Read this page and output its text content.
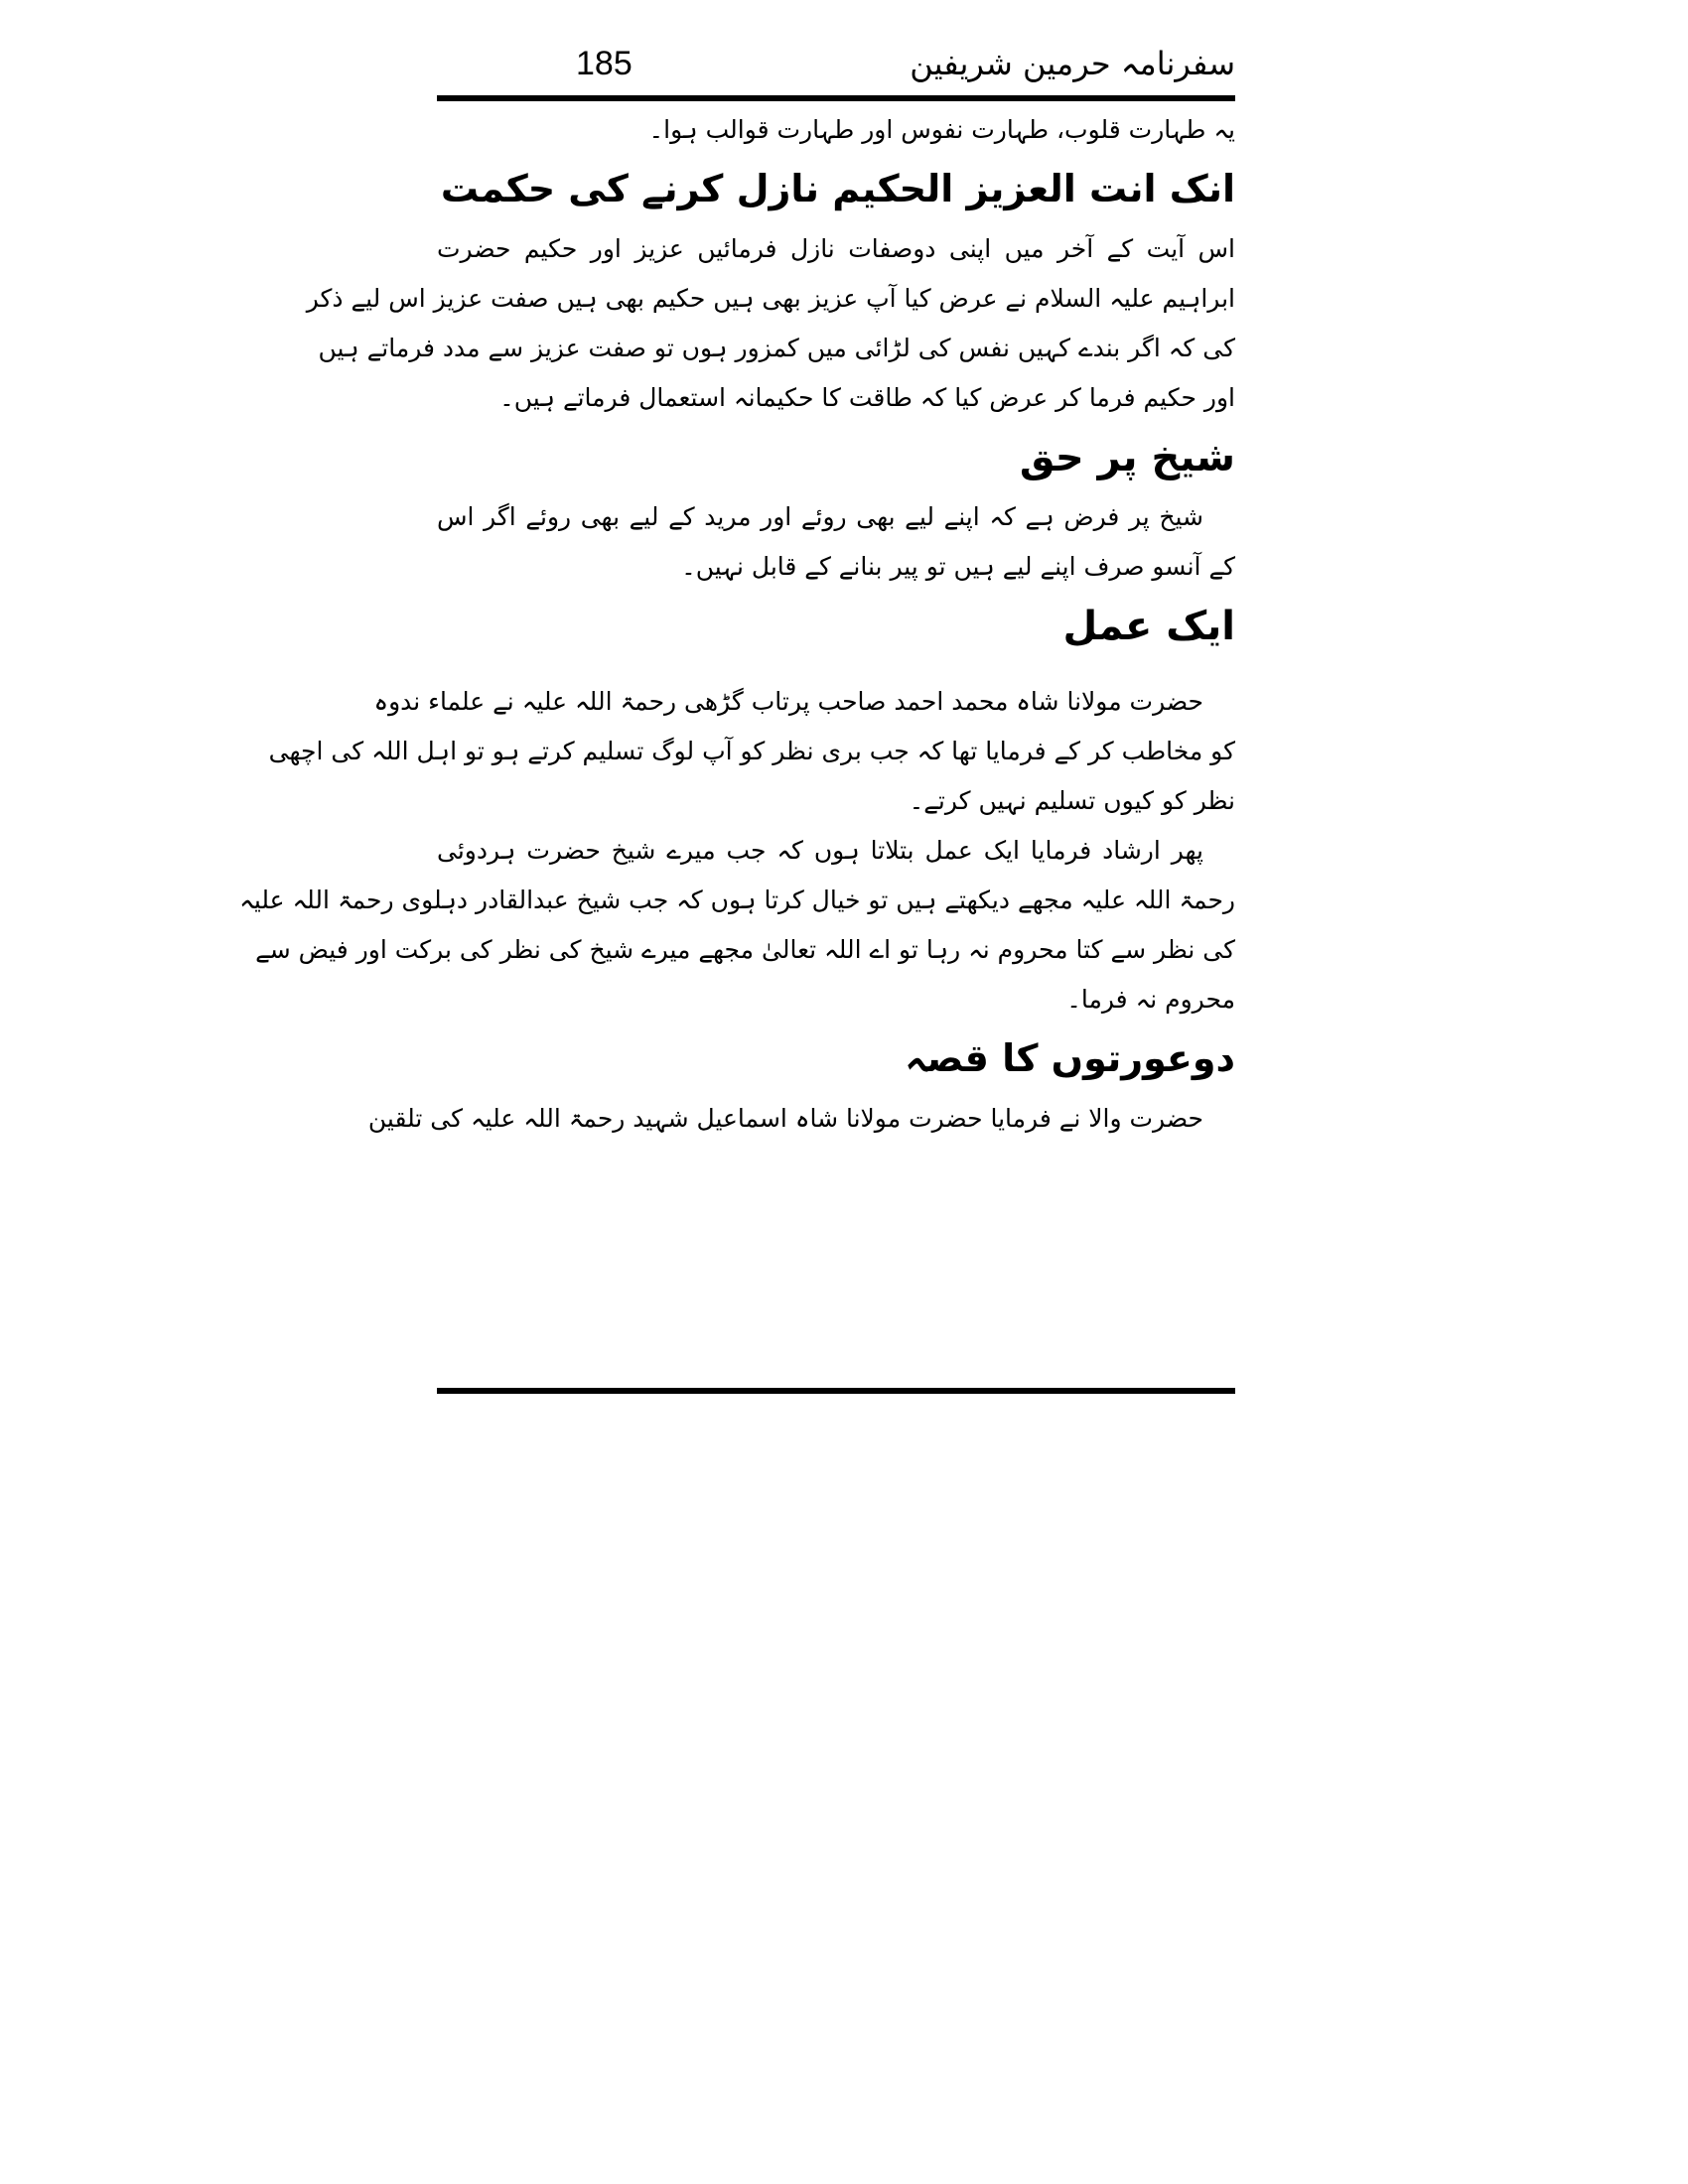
185	سفرنامہ حرمین شریفین
یہ طہارت قلوب، طہارت نفوس اور طہارت قوالب ہوا۔
انک انت العزیز الحکیم نازل کرنے کی حکمت
اس آیت کے آخر میں اپنی دوصفات نازل فرمائیں عزیز اور حکیم حضرت
ابراہیم علیہ السلام نے عرض کیا آپ عزیز بھی ہیں حکیم بھی ہیں صفت عزیز اس لیے ذکر
کی کہ اگر بندے کہیں نفس کی لڑائی میں کمزور ہوں تو صفت عزیز سے مدد فرماتے ہیں
اور حکیم فرما کر عرض کیا کہ طاقت کا حکیمانہ استعمال فرماتے ہیں۔
شیخ پر حق
شیخ پر فرض ہے کہ اپنے لیے بھی روئے اور مرید کے لیے بھی روئے اگر اس
کے آنسو صرف اپنے لیے ہیں تو پیر بنانے کے قابل نہیں۔
ایک عمل
حضرت مولانا شاہ محمد احمد صاحب پرتاب گڑھی رحمۃ اللہ علیہ نے علماء ندوہ
کو مخاطب کر کے فرمایا تھا کہ جب بری نظر کو آپ لوگ تسلیم کرتے ہو تو اہل اللہ کی اچھی
نظر کو کیوں تسلیم نہیں کرتے۔
پھر ارشاد فرمایا ایک عمل بتلاتا ہوں کہ جب میرے شیخ حضرت ہردوئی
رحمۃ اللہ علیہ مجھے دیکھتے ہیں تو خیال کرتا ہوں کہ جب شیخ عبدالقادر دہلوی رحمۃ اللہ علیہ
کی نظر سے کتا محروم نہ رہا تو اے اللہ تعالیٰ مجھے میرے شیخ کی نظر کی برکت اور فیض سے
محروم نہ فرما۔
دوعورتوں کا قصہ
حضرت والا نے فرمایا حضرت مولانا شاہ اسماعیل شہید رحمۃ اللہ علیہ کی تلقین
